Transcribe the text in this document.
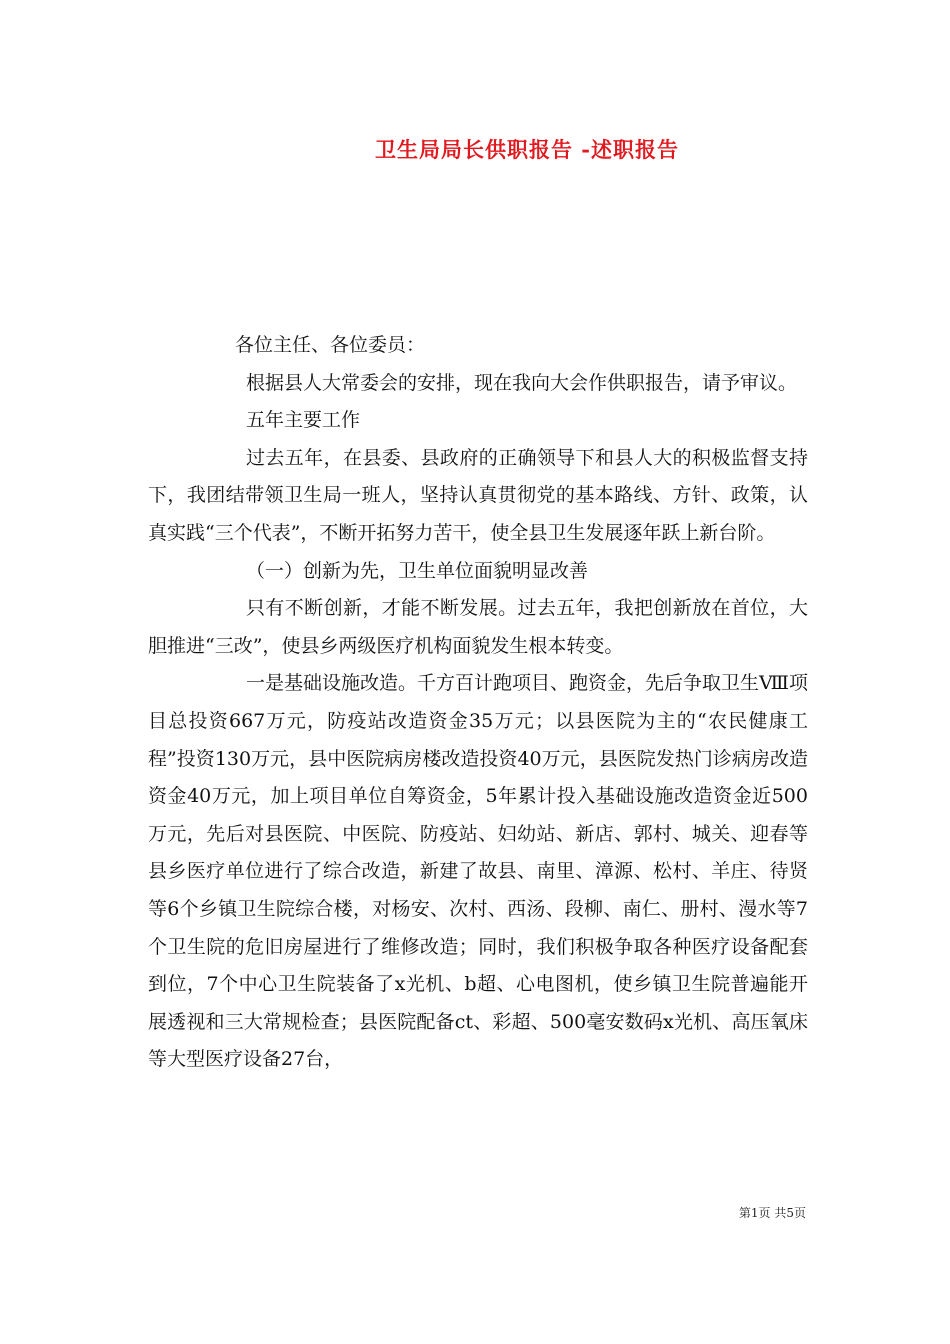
卫生局局长供职报告 -述职报告

各位主任、各位委员：

根据县人大常委会的安排，现在我向大会作供职报告，请予审议。

五年主要工作

过去五年，在县委、县政府的正确领导下和县人大的积极监督支持下，我团结带领卫生局一班人，坚持认真贯彻党的基本路线、方针、政策，认真实践“三个代表”，不断开拓努力苦干，使全县卫生发展逐年跃上新台阶。

（一）创新为先，卫生单位面貌明显改善

只有不断创新，才能不断发展。过去五年，我把创新放在首位，大胆推进“三改”，使县乡两级医疗机构面貌发生根本转变。

一是基础设施改造。千方百计跑项目、跑资金，先后争取卫生Ⅷ项目总投资667万元，防疫站改造资金35万元；以县医院为主的“农民健康工程”投资130万元，县中医院病房楼改造投资40万元，县医院发热门诊病房改造资金40万元，加上项目单位自筹资金，5年累计投入基础设施改造资金近500万元，先后对县医院、中医院、防疫站、妇幼站、新店、郭村、城关、迎春等县乡医疗单位进行了综合改造，新建了故县、南里、漳源、松村、羊庄、待贤等6个乡镇卫生院综合楼，对杨安、次村、西汤、段柳、南仁、册村、漫水等7个卫生院的危旧房屋进行了维修改造；同时，我们积极争取各种医疗设备配套到位，7个中心卫生院装备了x光机、b超、心电图机，使乡镇卫生院普遍能开展透视和三大常规检查；县医院配备ct、彩超、500毫安数码x光机、高压氧床等大型医疗设备27台，

第1页 共5页
